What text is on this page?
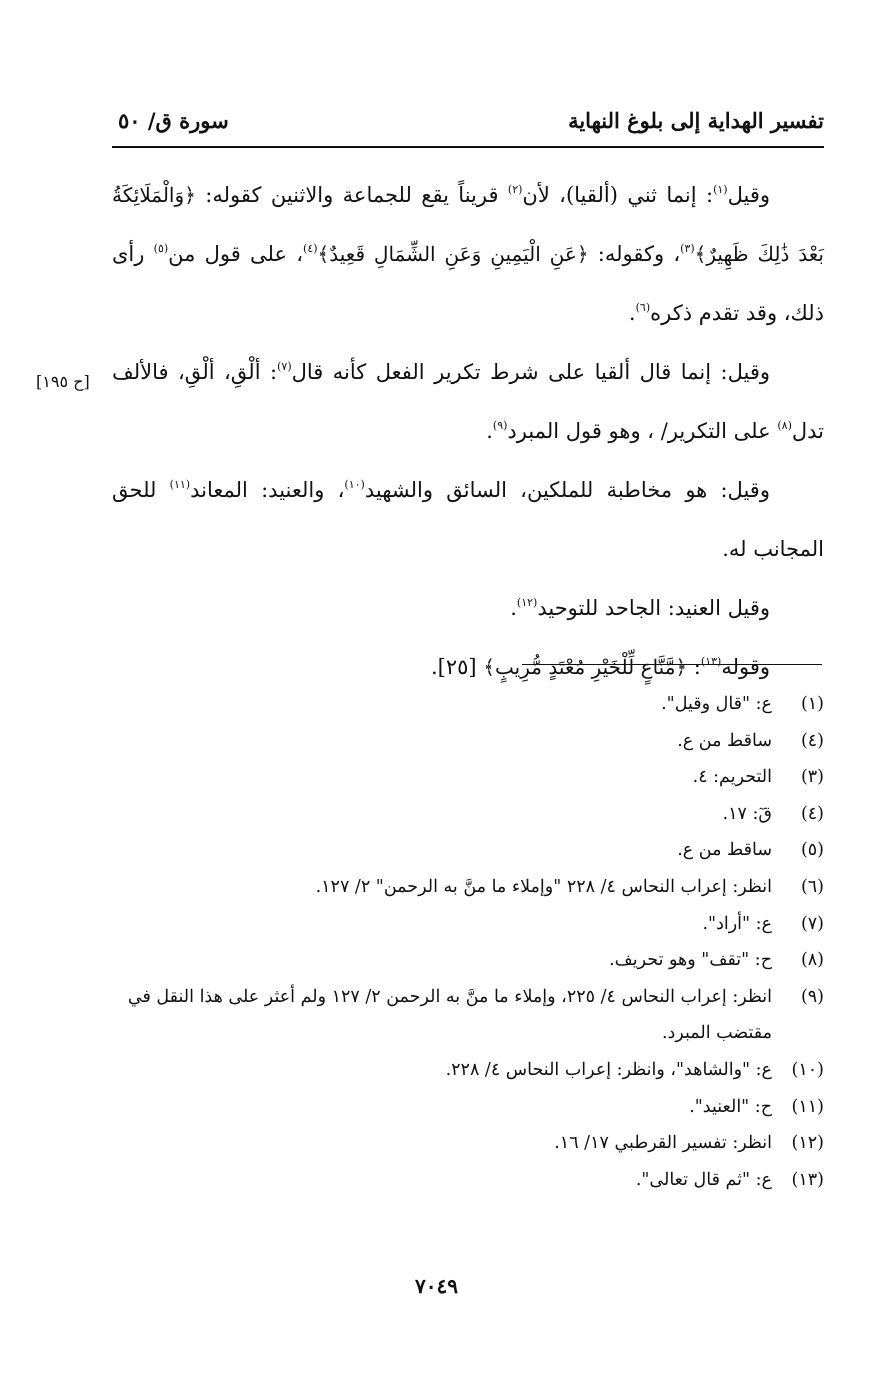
تفسير الهداية إلى بلوغ النهاية
سورة ق/ ٥٠
[ح ١٩٥]

وقيل$^{(١)}$: إنما ثني (ألقيا)، لأن$^{(٢)}$ قريناً يقع للجماعة والاثنين كقوله: ﴿وَالْمَلَائِكَةُ بَعْدَ ذَٰلِكَ ظَهِيرٌ﴾$^{(٣)}$، وكقوله: ﴿عَنِ الْيَمِينِ وَعَنِ الشِّمَالِ قَعِيدٌ﴾$^{(٤)}$، على قول من$^{(٥)}$ رأى ذلك، وقد تقدم ذكره$^{(٦)}$.

وقيل: إنما قال ألقيا على شرط تكرير الفعل كأنه قال$^{(٧)}$: ألْقِ، ألْقِ، فالألف تدل$^{(٨)}$ على التكرير/ ، وهو قول المبرد$^{(٩)}$.

وقيل: هو مخاطبة للملكين، السائق والشهيد$^{(١٠)}$، والعنيد: المعاند$^{(١١)}$ للحق المجانب له.

وقيل العنيد: الجاحد للتوحيد$^{(١٢)}$.

وقوله$^{(١٣)}$: ﴿مَّنَّاعٍ لِّلْخَيْرِ مُعْتَدٍ مُّرِيبٍ﴾ [٢٥].

(١)
ع: "قال وقيل".
(٤)
ساقط من ع.
(٣)
التحريم: ٤.
(٤)
قٓ: ١٧.
(٥)
ساقط من ع.
(٦)
انظر: إعراب النحاس ٤/ ٢٢٨ "وإملاء ما منَّ به الرحمن" ٢/ ١٢٧.
(٧)
ع: "أراد".
(٨)
ح: "تقف" وهو تحريف.
(٩)
انظر: إعراب النحاس ٤/ ٢٢٥، وإملاء ما منَّ به الرحمن ٢/ ١٢٧ ولم أعثر على هذا النقل في مقتضب المبرد.
(١٠)
ع: "والشاهد"، وانظر: إعراب النحاس ٤/ ٢٢٨.
(١١)
ح: "العنيد".
(١٢)
انظر: تفسير القرطبي ١٧/ ١٦.
(١٣)
ع: "ثم قال تعالى".
٧٠٤٩
